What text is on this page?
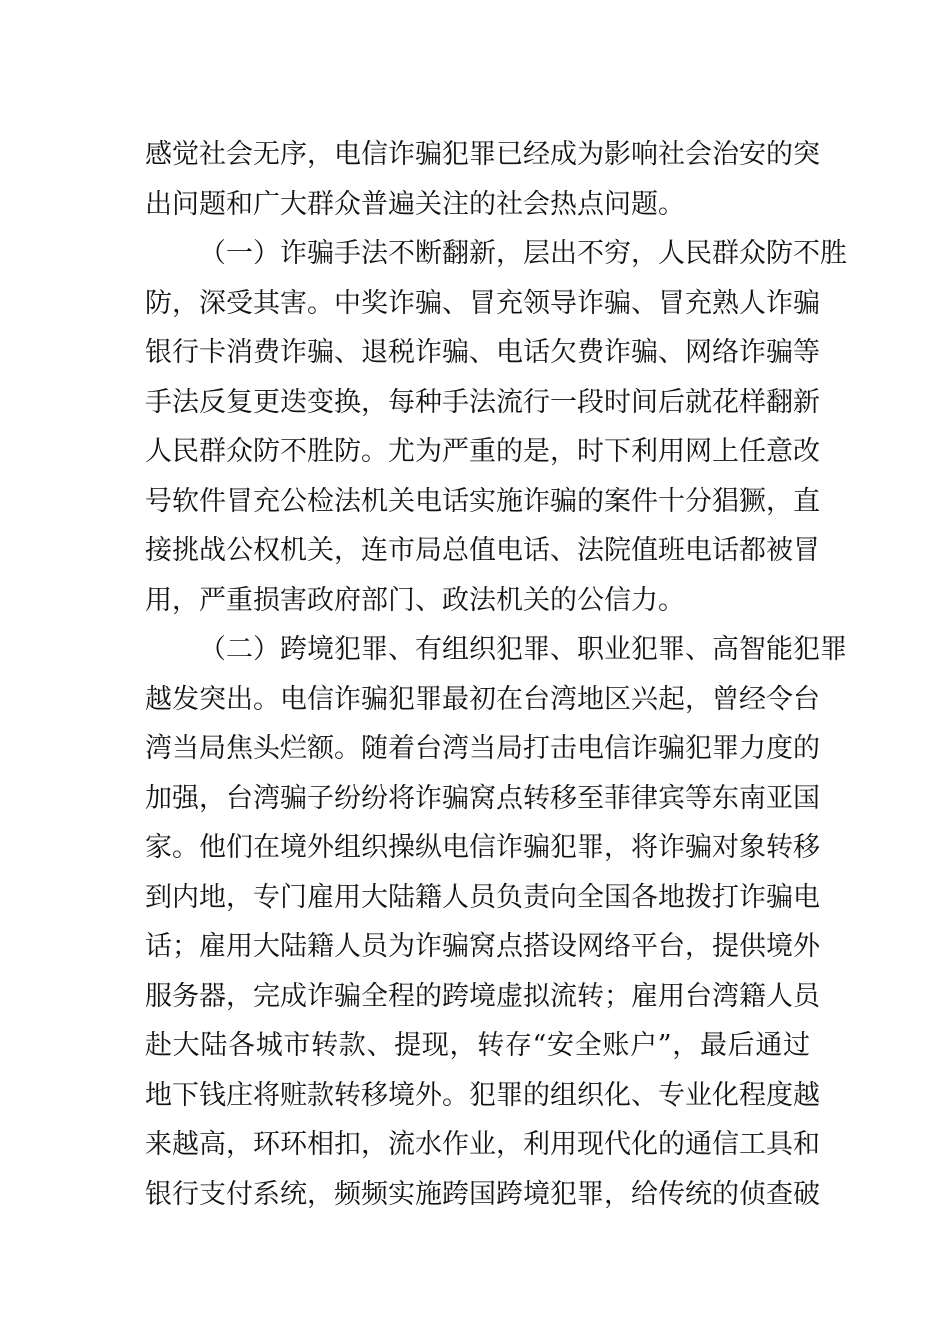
感觉社会无序，电信诈骗犯罪已经成为影响社会治安的突
出问题和广大群众普遍关注的社会热点问题。
（一）诈骗手法不断翻新，层出不穷，人民群众防不胜
防，深受其害。中奖诈骗、冒充领导诈骗、冒充熟人诈骗
银行卡消费诈骗、退税诈骗、电话欠费诈骗、网络诈骗等
手法反复更迭变换，每种手法流行一段时间后就花样翻新
人民群众防不胜防。尤为严重的是，时下利用网上任意改
号软件冒充公检法机关电话实施诈骗的案件十分猖獗，直
接挑战公权机关，连市局总值电话、法院值班电话都被冒
用，严重损害政府部门、政法机关的公信力。
（二）跨境犯罪、有组织犯罪、职业犯罪、高智能犯罪
越发突出。电信诈骗犯罪最初在台湾地区兴起，曾经令台
湾当局焦头烂额。随着台湾当局打击电信诈骗犯罪力度的
加强，台湾骗子纷纷将诈骗窝点转移至菲律宾等东南亚国
家。他们在境外组织操纵电信诈骗犯罪，将诈骗对象转移
到内地，专门雇用大陆籍人员负责向全国各地拨打诈骗电
话；雇用大陆籍人员为诈骗窝点搭设网络平台，提供境外
服务器，完成诈骗全程的跨境虚拟流转；雇用台湾籍人员
赴大陆各城市转款、提现，转存“安全账户”，最后通过
地下钱庄将赃款转移境外。犯罪的组织化、专业化程度越
来越高，环环相扣，流水作业，利用现代化的通信工具和
银行支付系统，频频实施跨国跨境犯罪，给传统的侦查破
